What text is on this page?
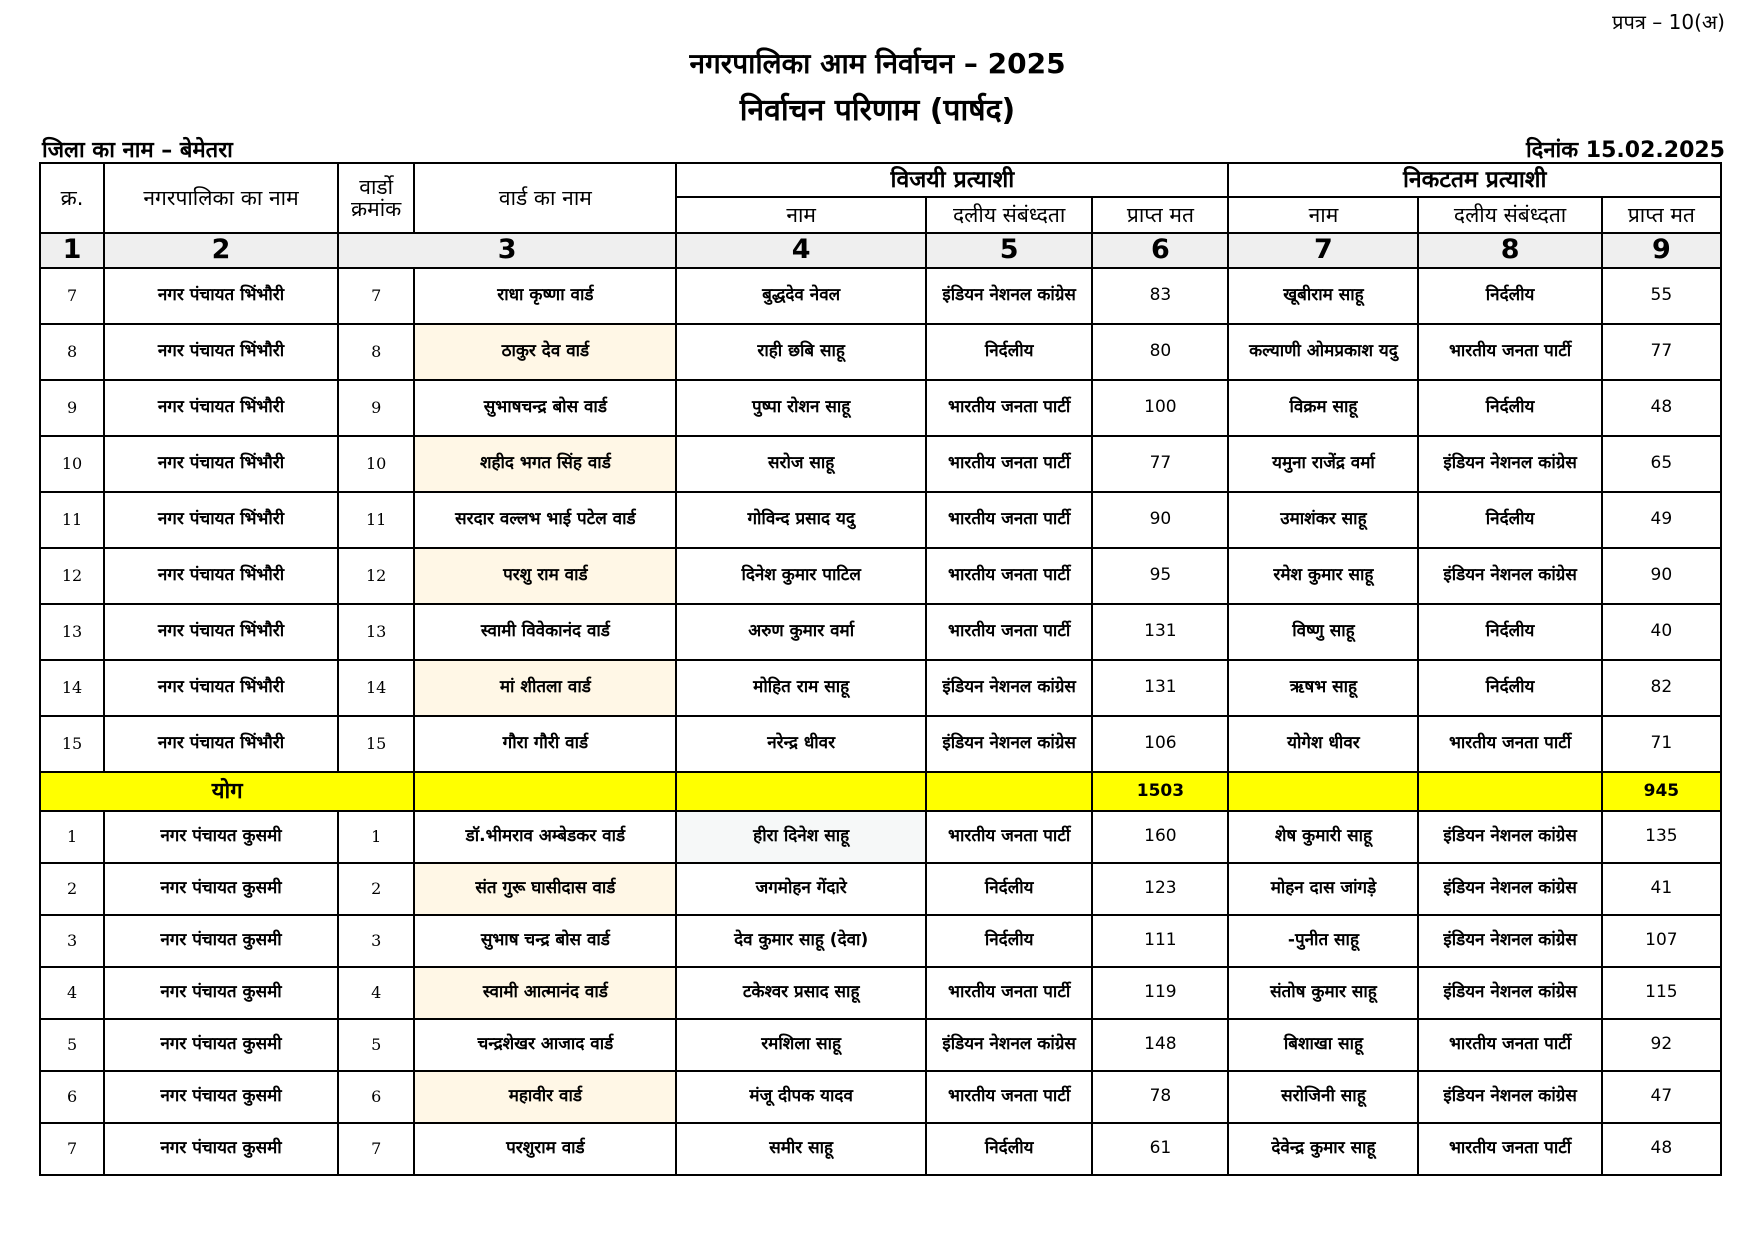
प्रपत्र – 10(अ)
नगरपालिका आम निर्वाचन – 2025
निर्वाचन परिणाम (पार्षद)
जिला का नाम – बेमेतरा	दिनांक 15.02.2025
क्र.	नगरपालिका का नाम	वार्डो क्रमांक	वार्ड का नाम	विजयी प्रत्याशी			निकटतम प्रत्याशी		
				नाम	दलीय संबंध्दता	प्राप्त मत	नाम	दलीय संबंध्दता	प्राप्त मत
1	2	3		4	5	6	7	8	9
7	नगर पंचायत भिंभौरी	7	राधा कृष्णा वार्ड	बुद्धदेव नेवल	इंडियन नेशनल कांग्रेस	83	खूबीराम साहू	निर्दलीय	55
8	नगर पंचायत भिंभौरी	8	ठाकुर देव वार्ड	राही छबि साहू	निर्दलीय	80	कल्याणी ओमप्रकाश यदु	भारतीय जनता पार्टी	77
9	नगर पंचायत भिंभौरी	9	सुभाषचन्द्र बोस वार्ड	पुष्पा रोशन साहू	भारतीय जनता पार्टी	100	विक्रम साहू	निर्दलीय	48
10	नगर पंचायत भिंभौरी	10	शहीद भगत सिंह वार्ड	सरोज साहू	भारतीय जनता पार्टी	77	यमुना राजेंद्र वर्मा	इंडियन नेशनल कांग्रेस	65
11	नगर पंचायत भिंभौरी	11	सरदार वल्लभ भाई पटेल वार्ड	गोविन्द प्रसाद यदु	भारतीय जनता पार्टी	90	उमाशंकर साहू	निर्दलीय	49
12	नगर पंचायत भिंभौरी	12	परशु राम वार्ड	दिनेश कुमार पाटिल	भारतीय जनता पार्टी	95	रमेश कुमार साहू	इंडियन नेशनल कांग्रेस	90
13	नगर पंचायत भिंभौरी	13	स्वामी विवेकानंद वार्ड	अरुण कुमार वर्मा	भारतीय जनता पार्टी	131	विष्णु साहू	निर्दलीय	40
14	नगर पंचायत भिंभौरी	14	मां शीतला वार्ड	मोहित राम साहू	इंडियन नेशनल कांग्रेस	131	ऋषभ साहू	निर्दलीय	82
15	नगर पंचायत भिंभौरी	15	गौरा गौरी वार्ड	नरेन्द्र धीवर	इंडियन नेशनल कांग्रेस	106	योगेश धीवर	भारतीय जनता पार्टी	71
योग						1503			945
1	नगर पंचायत कुसमी	1	डॉ.भीमराव अम्बेडकर वार्ड	हीरा दिनेश साहू	भारतीय जनता पार्टी	160	शेष कुमारी साहू	इंडियन नेशनल कांग्रेस	135
2	नगर पंचायत कुसमी	2	संत गुरू घासीदास वार्ड	जगमोहन गेंदारे	निर्दलीय	123	मोहन दास जांगड़े	इंडियन नेशनल कांग्रेस	41
3	नगर पंचायत कुसमी	3	सुभाष चन्द्र बोस वार्ड	देव कुमार साहू (देवा)	निर्दलीय	111	-पुनीत साहू	इंडियन नेशनल कांग्रेस	107
4	नगर पंचायत कुसमी	4	स्वामी आत्मानंद वार्ड	टकेश्वर प्रसाद साहू	भारतीय जनता पार्टी	119	संतोष कुमार साहू	इंडियन नेशनल कांग्रेस	115
5	नगर पंचायत कुसमी	5	चन्द्रशेखर आजाद वार्ड	रमशिला साहू	इंडियन नेशनल कांग्रेस	148	बिशाखा साहू	भारतीय जनता पार्टी	92
6	नगर पंचायत कुसमी	6	महावीर वार्ड	मंजू दीपक यादव	भारतीय जनता पार्टी	78	सरोजिनी साहू	इंडियन नेशनल कांग्रेस	47
7	नगर पंचायत कुसमी	7	परशुराम वार्ड	समीर साहू	निर्दलीय	61	देवेन्द्र कुमार साहू	भारतीय जनता पार्टी	48
